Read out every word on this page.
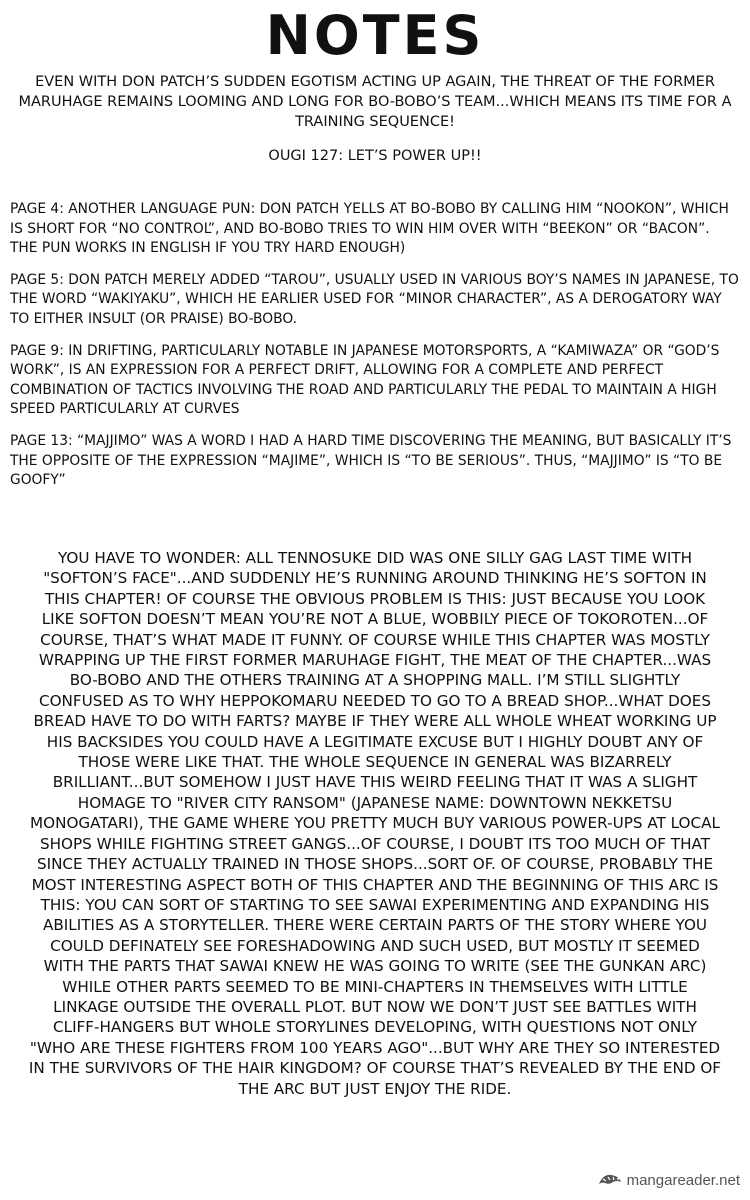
NOTES

EVEN WITH DON PATCH’S SUDDEN EGOTISM ACTING UP AGAIN, THE THREAT OF THE FORMER MARUHAGE REMAINS LOOMING AND LONG FOR BO-BOBO’S TEAM...WHICH MEANS ITS TIME FOR A TRAINING SEQUENCE!

OUGI 127: LET’S POWER UP!!

PAGE 4: ANOTHER LANGUAGE PUN: DON PATCH YELLS AT BO-BOBO BY CALLING HIM “NOOKON”, WHICH IS SHORT FOR “NO CONTROL”, AND BO-BOBO TRIES TO WIN HIM OVER WITH “BEEKON” OR “BACON”. THE PUN WORKS IN ENGLISH IF YOU TRY HARD ENOUGH)

PAGE 5: DON PATCH MERELY ADDED “TAROU”, USUALLY USED IN VARIOUS BOY’S NAMES IN JAPANESE, TO THE WORD “WAKIYAKU”, WHICH HE EARLIER USED FOR “MINOR CHARACTER”, AS A DEROGATORY WAY TO EITHER INSULT (OR PRAISE) BO-BOBO.

PAGE 9: IN DRIFTING, PARTICULARLY NOTABLE IN JAPANESE MOTORSPORTS, A “KAMIWAZA” OR “GOD’S WORK”, IS AN EXPRESSION FOR A PERFECT DRIFT, ALLOWING FOR A COMPLETE AND PERFECT COMBINATION OF TACTICS INVOLVING THE ROAD AND PARTICULARLY THE PEDAL TO MAINTAIN A HIGH SPEED PARTICULARLY AT CURVES

PAGE 13: “MAJJIMO” WAS A WORD I HAD A HARD TIME DISCOVERING THE MEANING, BUT BASICALLY IT’S THE OPPOSITE OF THE EXPRESSION “MAJIME”, WHICH IS “TO BE SERIOUS”. THUS, “MAJJIMO” IS “TO BE GOOFY”

YOU HAVE TO WONDER: ALL TENNOSUKE DID WAS ONE SILLY GAG LAST TIME WITH "SOFTON’S FACE"...AND SUDDENLY HE’S RUNNING AROUND THINKING HE’S SOFTON IN THIS CHAPTER! OF COURSE THE OBVIOUS PROBLEM IS THIS: JUST BECAUSE YOU LOOK LIKE SOFTON DOESN’T MEAN YOU’RE NOT A BLUE, WOBBILY PIECE OF TOKOROTEN...OF COURSE, THAT’S WHAT MADE IT FUNNY. OF COURSE WHILE THIS CHAPTER WAS MOSTLY WRAPPING UP THE FIRST FORMER MARUHAGE FIGHT, THE MEAT OF THE CHAPTER...WAS BO-BOBO AND THE OTHERS TRAINING AT A SHOPPING MALL. I’M STILL SLIGHTLY CONFUSED AS TO WHY HEPPOKOMARU NEEDED TO GO TO A BREAD SHOP...WHAT DOES BREAD HAVE TO DO WITH FARTS? MAYBE IF THEY WERE ALL WHOLE WHEAT WORKING UP HIS BACKSIDES YOU COULD HAVE A LEGITIMATE EXCUSE BUT I HIGHLY DOUBT ANY OF THOSE WERE LIKE THAT. THE WHOLE SEQUENCE IN GENERAL WAS BIZARRELY BRILLIANT...BUT SOMEHOW I JUST HAVE THIS WEIRD FEELING THAT IT WAS A SLIGHT HOMAGE TO "RIVER CITY RANSOM" (JAPANESE NAME: DOWNTOWN NEKKETSU MONOGATARI), THE GAME WHERE YOU PRETTY MUCH BUY VARIOUS POWER-UPS AT LOCAL SHOPS WHILE FIGHTING STREET GANGS...OF COURSE, I DOUBT ITS TOO MUCH OF THAT SINCE THEY ACTUALLY TRAINED IN THOSE SHOPS...SORT OF. OF COURSE, PROBABLY THE MOST INTERESTING ASPECT BOTH OF THIS CHAPTER AND THE BEGINNING OF THIS ARC IS THIS: YOU CAN SORT OF STARTING TO SEE SAWAI EXPERIMENTING AND EXPANDING HIS ABILITIES AS A STORYTELLER. THERE WERE CERTAIN PARTS OF THE STORY WHERE YOU COULD DEFINATELY SEE FORESHADOWING AND SUCH USED, BUT MOSTLY IT SEEMED WITH THE PARTS THAT SAWAI KNEW HE WAS GOING TO WRITE (SEE THE GUNKAN ARC) WHILE OTHER PARTS SEEMED TO BE MINI-CHAPTERS IN THEMSELVES WITH LITTLE LINKAGE OUTSIDE THE OVERALL PLOT. BUT NOW WE DON’T JUST SEE BATTLES WITH CLIFF-HANGERS BUT WHOLE STORYLINES DEVELOPING, WITH QUESTIONS NOT ONLY "WHO ARE THESE FIGHTERS FROM 100 YEARS AGO"...BUT WHY ARE THEY SO INTERESTED IN THE SURVIVORS OF THE HAIR KINGDOM? OF COURSE THAT’S REVEALED BY THE END OF THE ARC BUT JUST ENJOY THE RIDE.

mangareader.net
